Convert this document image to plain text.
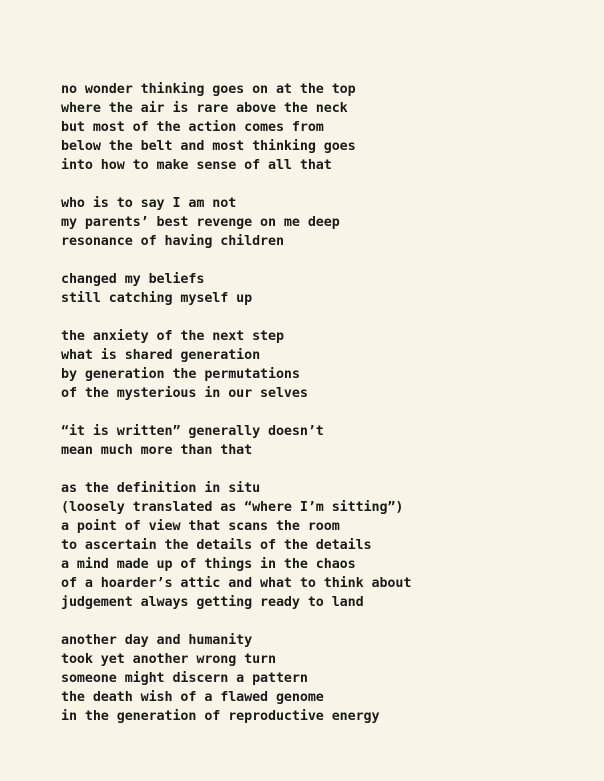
no wonder thinking goes on at the top
where the air is rare above the neck
but most of the action comes from
below the belt and most thinking goes
into how to make sense of all that
who is to say I am not
my parents’ best revenge on me deep
resonance of having children
changed my beliefs
still catching myself up
the anxiety of the next step
what is shared generation
by generation the permutations
of the mysterious in our selves
“it is written” generally doesn’t
mean much more than that
as the definition in situ
(loosely translated as “where I’m sitting”)
a point of view that scans the room
to ascertain the details of the details
a mind made up of things in the chaos
of a hoarder’s attic and what to think about
judgement always getting ready to land
another day and humanity
took yet another wrong turn
someone might discern a pattern
the death wish of a flawed genome
in the generation of reproductive energy
